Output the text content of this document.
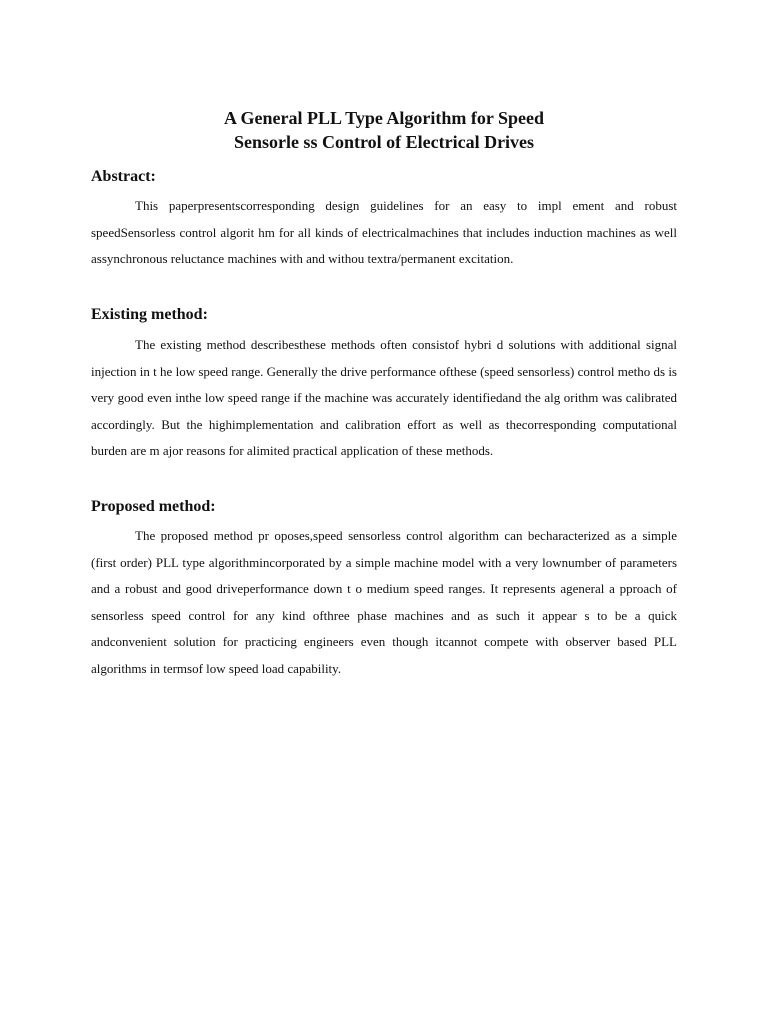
A General PLL Type Algorithm for Speed
Sensorle ss Control of Electrical Drives
Abstract:
This paperpresentscorresponding design guidelines for an easy to impl ement and robust speedSensorless control algorit hm for all kinds of electricalmachines that includes induction machines as well assynchronous reluctance machines with and withou textra/permanent excitation.
Existing method:
The existing method describesthese methods often consistof hybri d solutions with additional signal injection in t he low speed range. Generally the drive performance ofthese (speed sensorless) control metho ds is very good even inthe low speed range if the machine was accurately identifiedand the alg orithm was calibrated accordingly. But the highimplementation and calibration effort as well as thecorresponding computational burden are m ajor reasons for alimited practical application of these methods.
Proposed method:
The proposed method pr oposes,speed sensorless control algorithm can becharacterized as a simple (first order) PLL type algorithmincorporated by a simple machine model with a very lownumber of parameters and a robust and good driveperformance down t o medium speed ranges. It represents ageneral a pproach of sensorless speed control for any kind ofthree phase machines and as such it appear s to be a quick andconvenient solution for practicing engineers even though itcannot compete with observer based PLL algorithms in termsof low speed load capability.
